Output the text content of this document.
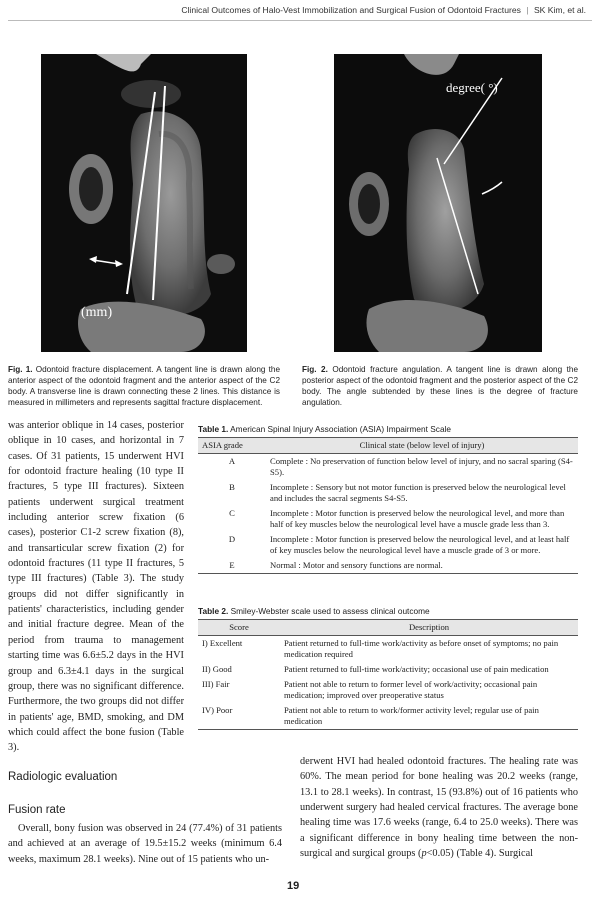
Clinical Outcomes of Halo-Vest Immobilization and Surgical Fusion of Odontoid Fractures | SK Kim, et al.
(mm)
degree( °)
Fig. 1. Odontoid fracture displacement. A tangent line is drawn along the anterior aspect of the odontoid fragment and the anterior aspect of the C2 body. A transverse line is drawn connecting these 2 lines. This distance is measured in millimeters and represents sagittal fracture displacement.
Fig. 2. Odontoid fracture angulation. A tangent line is drawn along the posterior aspect of the odontoid fragment and the posterior aspect of the C2 body. The angle subtended by these lines is the degree of fracture angulation.

was anterior oblique in 14 cases, posterior oblique in 10 cases, and horizontal in 7 cases. Of 31 patients, 15 underwent HVI for odontoid fracture healing (10 type II fractures, 5 type III fractures). Sixteen patients underwent surgical treatment including anterior screw fixation (6 cases), posterior C1-2 screw fixation (8), and transarticular screw fixation (2) for odontoid fractures (11 type II fractures, 5 type III fractures) (Table 3). The study groups did not differ significantly in patients' characteristics, including gender and initial fracture degree. Mean of the period from trauma to management starting time was 6.6±5.2 days in the HVI group and 6.3±4.1 days in the surgical group, there was no significant difference. Furthermore, the two groups did not differ in patients' age, BMD, smoking, and DM which could affect the bone fusion (Table 3).

Table 1. American Spinal Injury Association (ASIA) Impairment Scale
ASIA grade	Clinical state (below level of injury)
A	Complete : No preservation of function below level of injury, and no sacral sparing (S4-S5).
B	Incomplete : Sensory but not motor function is preserved below the neurological level and includes the sacral segments S4-S5.
C	Incomplete : Motor function is preserved below the neurological level, and more than half of key muscles below the neurological level have a muscle grade less than 3.
D	Incomplete : Motor function is preserved below the neurological level, and at least half of key muscles below the neurological level have a muscle grade of 3 or more.
E	Normal : Motor and sensory functions are normal.
Table 2. Smiley-Webster scale used to assess clinical outcome
Score	Description
I) Excellent	Patient returned to full-time work/activity as before onset of symptoms; no pain medication required
II) Good	Patient returned to full-time work/activity; occasional use of pain medication
III) Fair	Patient not able to return to former level of work/activity; occasional pain medication; improved over preoperative status
IV) Poor	Patient not able to return to work/former activity level; regular use of pain medication
Radiologic evaluation
Fusion rate

Overall, bony fusion was observed in 24 (77.4%) of 31 patients and achieved at an average of 19.5±15.2 weeks (minimum 6.4 weeks, maximum 28.1 weeks). Nine out of 15 patients who un-

derwent HVI had healed odontoid fractures. The healing rate was 60%. The mean period for bone healing was 20.2 weeks (range, 13.1 to 28.1 weeks). In contrast, 15 (93.8%) out of 16 patients who underwent surgery had healed cervical fractures. The average bone healing time was 17.6 weeks (range, 6.4 to 25.0 weeks). There was a significant difference in bony healing time between the non-surgical and surgical groups (p<0.05) (Table 4). Surgical

19
